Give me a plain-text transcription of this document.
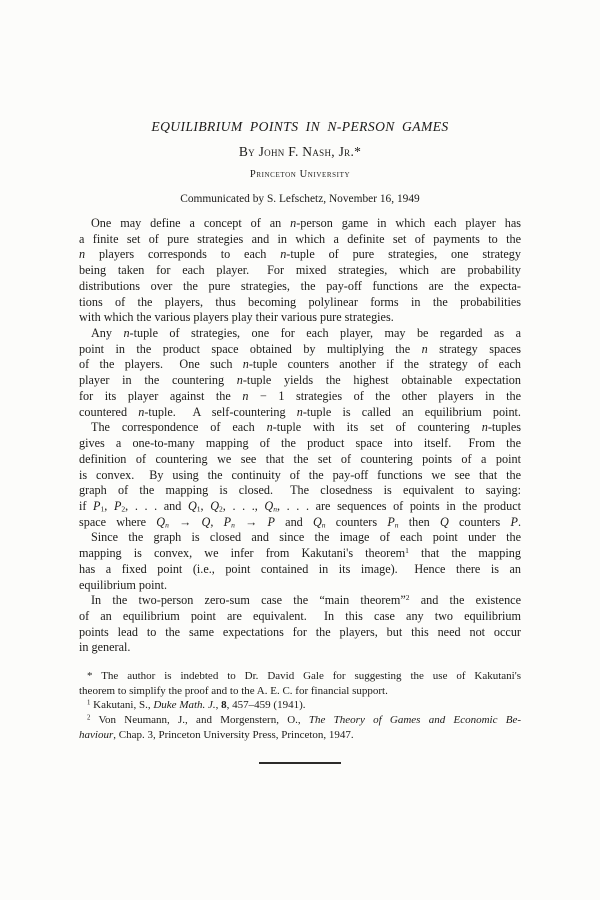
EQUILIBRIUM POINTS IN N-PERSON GAMES
By John F. Nash, Jr.*
Princeton University
Communicated by S. Lefschetz, November 16, 1949
One may define a concept of an n-person game in which each player has
a finite set of pure strategies and in which a definite set of payments to the
n players corresponds to each n-tuple of pure strategies, one strategy
being taken for each player.  For mixed strategies, which are probability
distributions over the pure strategies, the pay-off functions are the expecta-
tions of the players, thus becoming polylinear forms in the probabilities
with which the various players play their various pure strategies.
Any n-tuple of strategies, one for each player, may be regarded as a
point in the product space obtained by multiplying the n strategy spaces
of the players.  One such n-tuple counters another if the strategy of each
player in the countering n-tuple yields the highest obtainable expectation
for its player against the n − 1 strategies of the other players in the
countered n-tuple.  A self-countering n-tuple is called an equilibrium point.
The correspondence of each n-tuple with its set of countering n-tuples
gives a one-to-many mapping of the product space into itself.  From the
definition of countering we see that the set of countering points of a point
is convex.  By using the continuity of the pay-off functions we see that the
graph of the mapping is closed.  The closedness is equivalent to saying:
if $P_1$, $P_2$, . . . and $Q_1$, $Q_2$, . . ., $Q_n$, . . . are sequences of points in the product
space where $Q_n \to Q$, $P_n \to P$ and $Q_n$ counters $P_n$ then Q counters P.
Since the graph is closed and since the image of each point under the
mapping is convex, we infer from Kakutani's theorem$^1$ that the mapping
has a fixed point (i.e., point contained in its image).  Hence there is an
equilibrium point.
In the two-person zero-sum case the “main theorem”$^2$ and the existence
of an equilibrium point are equivalent.  In this case any two equilibrium
points lead to the same expectations for the players, but this need not occur
in general.
* The author is indebted to Dr. David Gale for suggesting the use of Kakutani's
theorem to simplify the proof and to the A. E. C. for financial support.
$^1$ Kakutani, S., Duke Math. J., 8, 457–459 (1941).
$^2$ Von Neumann, J., and Morgenstern, O., The Theory of Games and Economic Be-
haviour, Chap. 3, Princeton University Press, Princeton, 1947.
